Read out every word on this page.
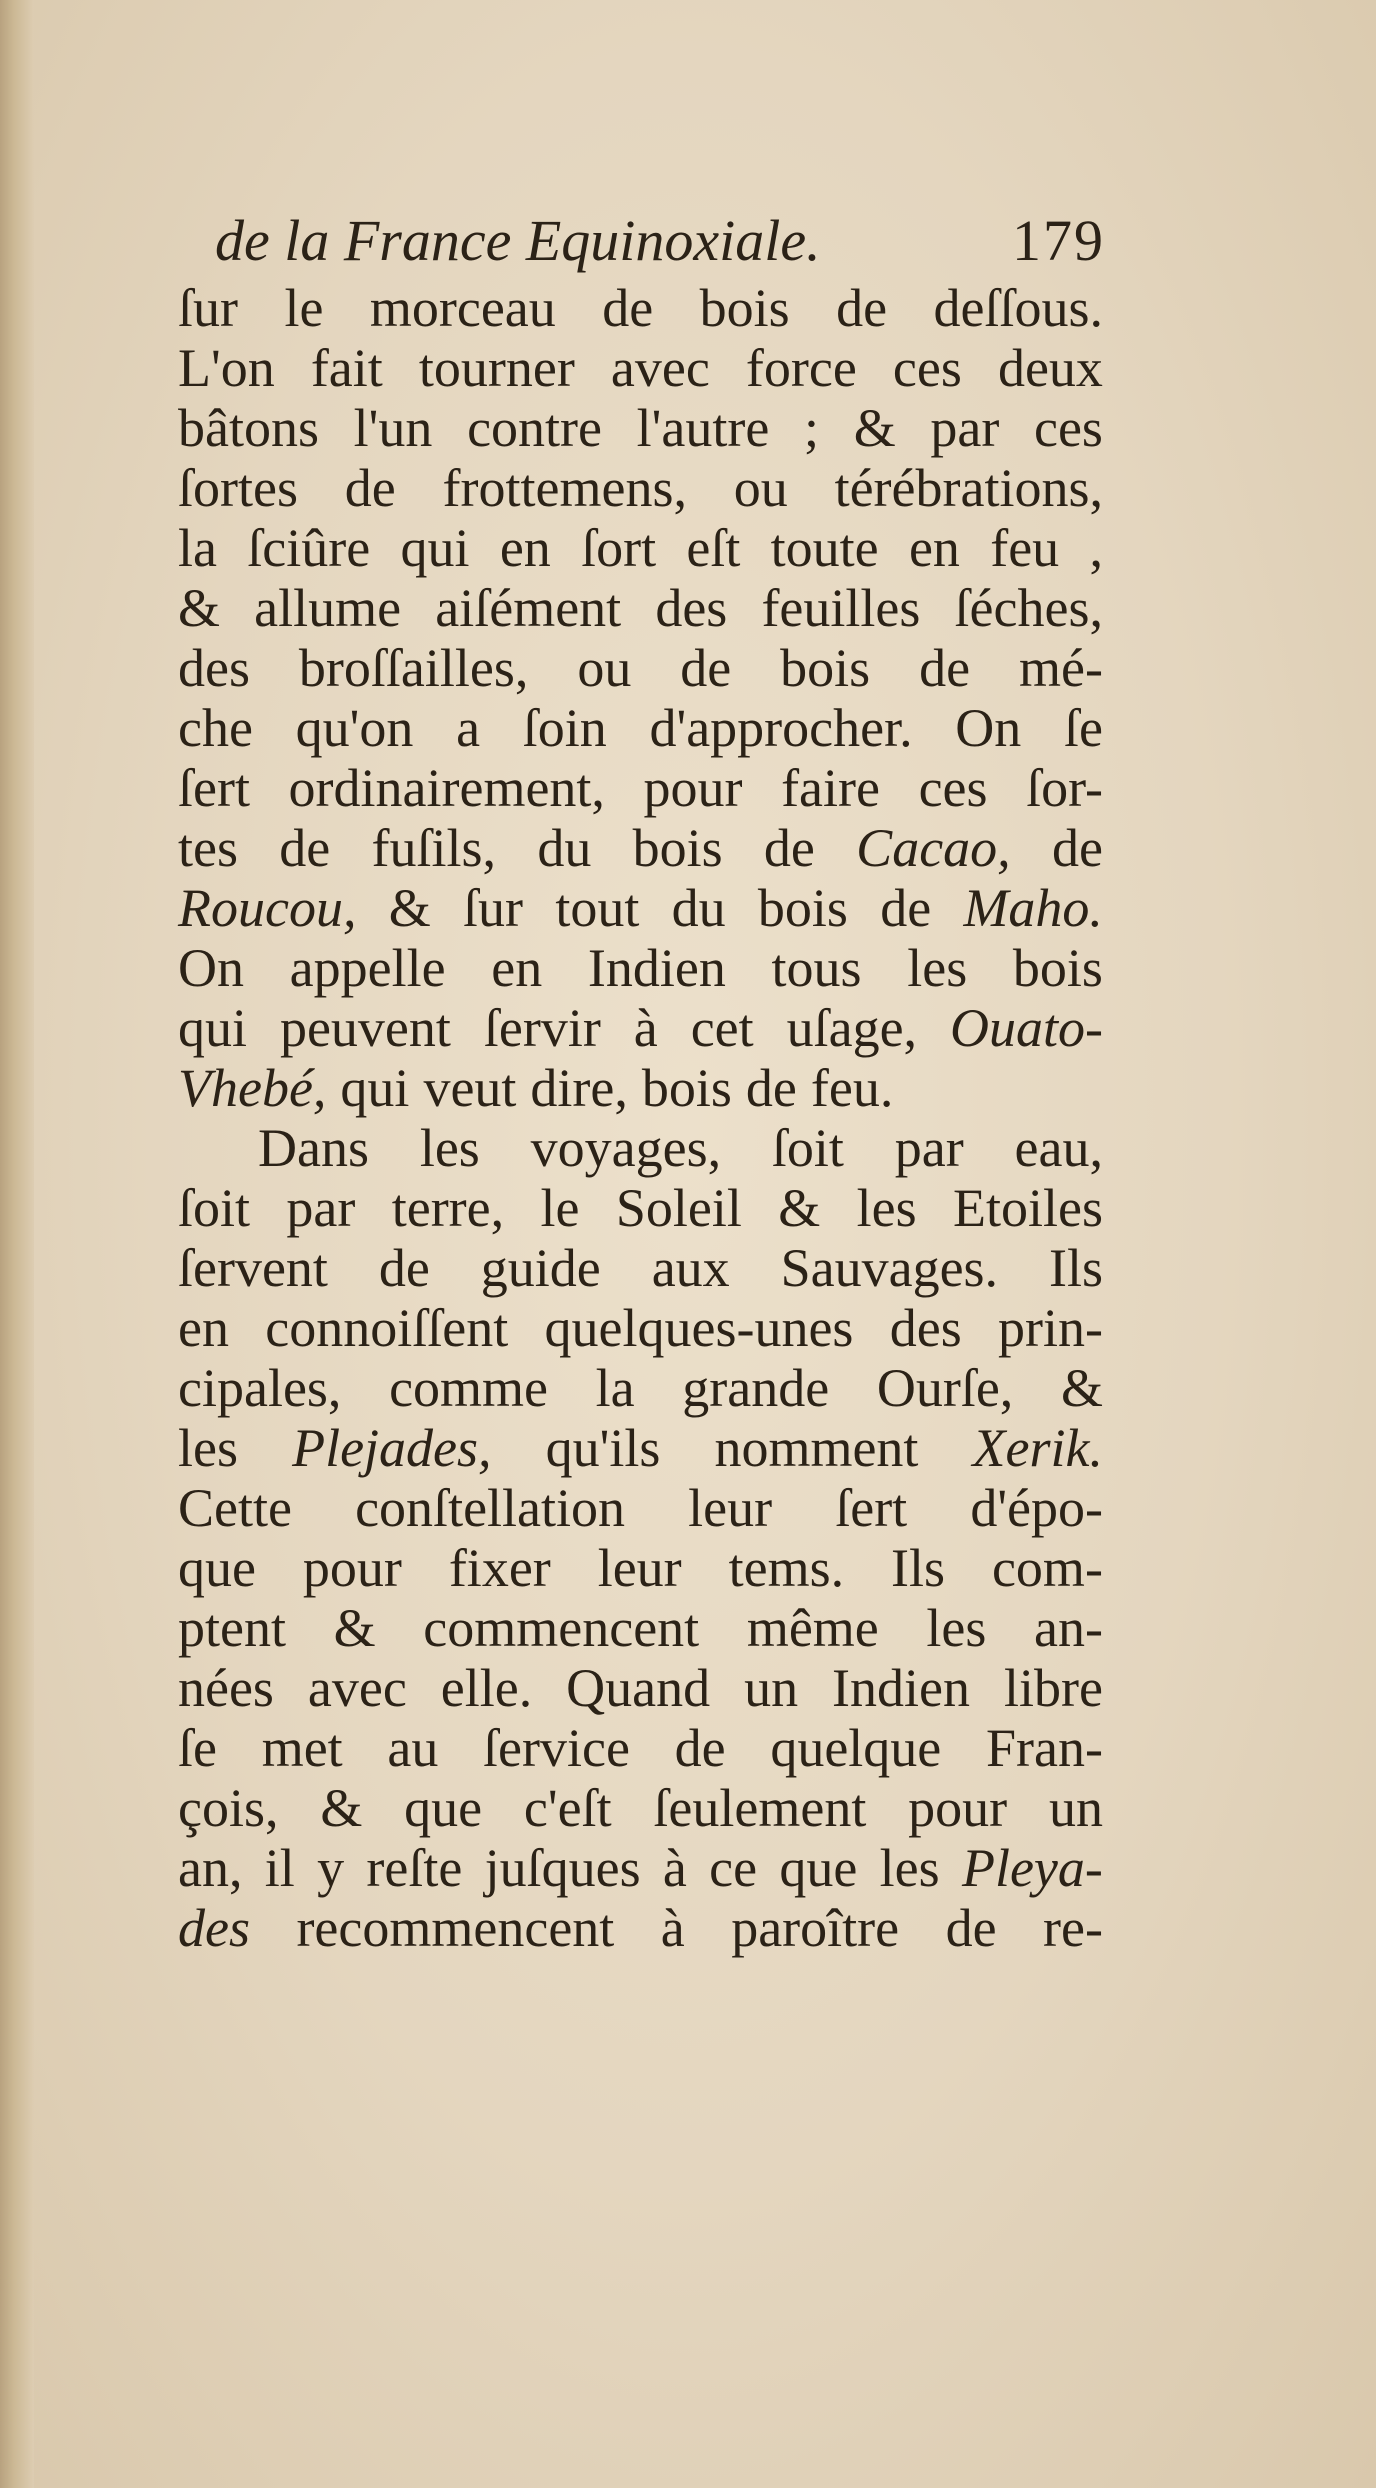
de la France Equinoxiale.	179
ſur le morceau de bois de deſſous.
L'on fait tourner avec force ces deux
bâtons l'un contre l'autre ; & par ces
ſortes de frottemens, ou térébrations,
la ſciûre qui en ſort eſt toute en feu ,
& allume aiſément des feuilles ſéches,
des broſſailles, ou de bois de mé-
che qu'on a ſoin d'approcher. On ſe
ſert ordinairement, pour faire ces ſor-
tes de fuſils, du bois de Cacao, de
Roucou, & ſur tout du bois de Maho.
On appelle en Indien tous les bois
qui peuvent ſervir à cet uſage, Ouato-
Vhebé, qui veut dire, bois de feu.
Dans les voyages, ſoit par eau,
ſoit par terre, le Soleil & les Etoiles
ſervent de guide aux Sauvages. Ils
en connoiſſent quelques-unes des prin-
cipales, comme la grande Ourſe, &
les Plejades, qu'ils nomment Xerik.
Cette conſtellation leur ſert d'épo-
que pour fixer leur tems. Ils com-
ptent & commencent même les an-
nées avec elle. Quand un Indien libre
ſe met au ſervice de quelque Fran-
çois, & que c'eſt ſeulement pour un
an, il y reſte juſques à ce que les Pleya-
des recommencent à paroître de re-
